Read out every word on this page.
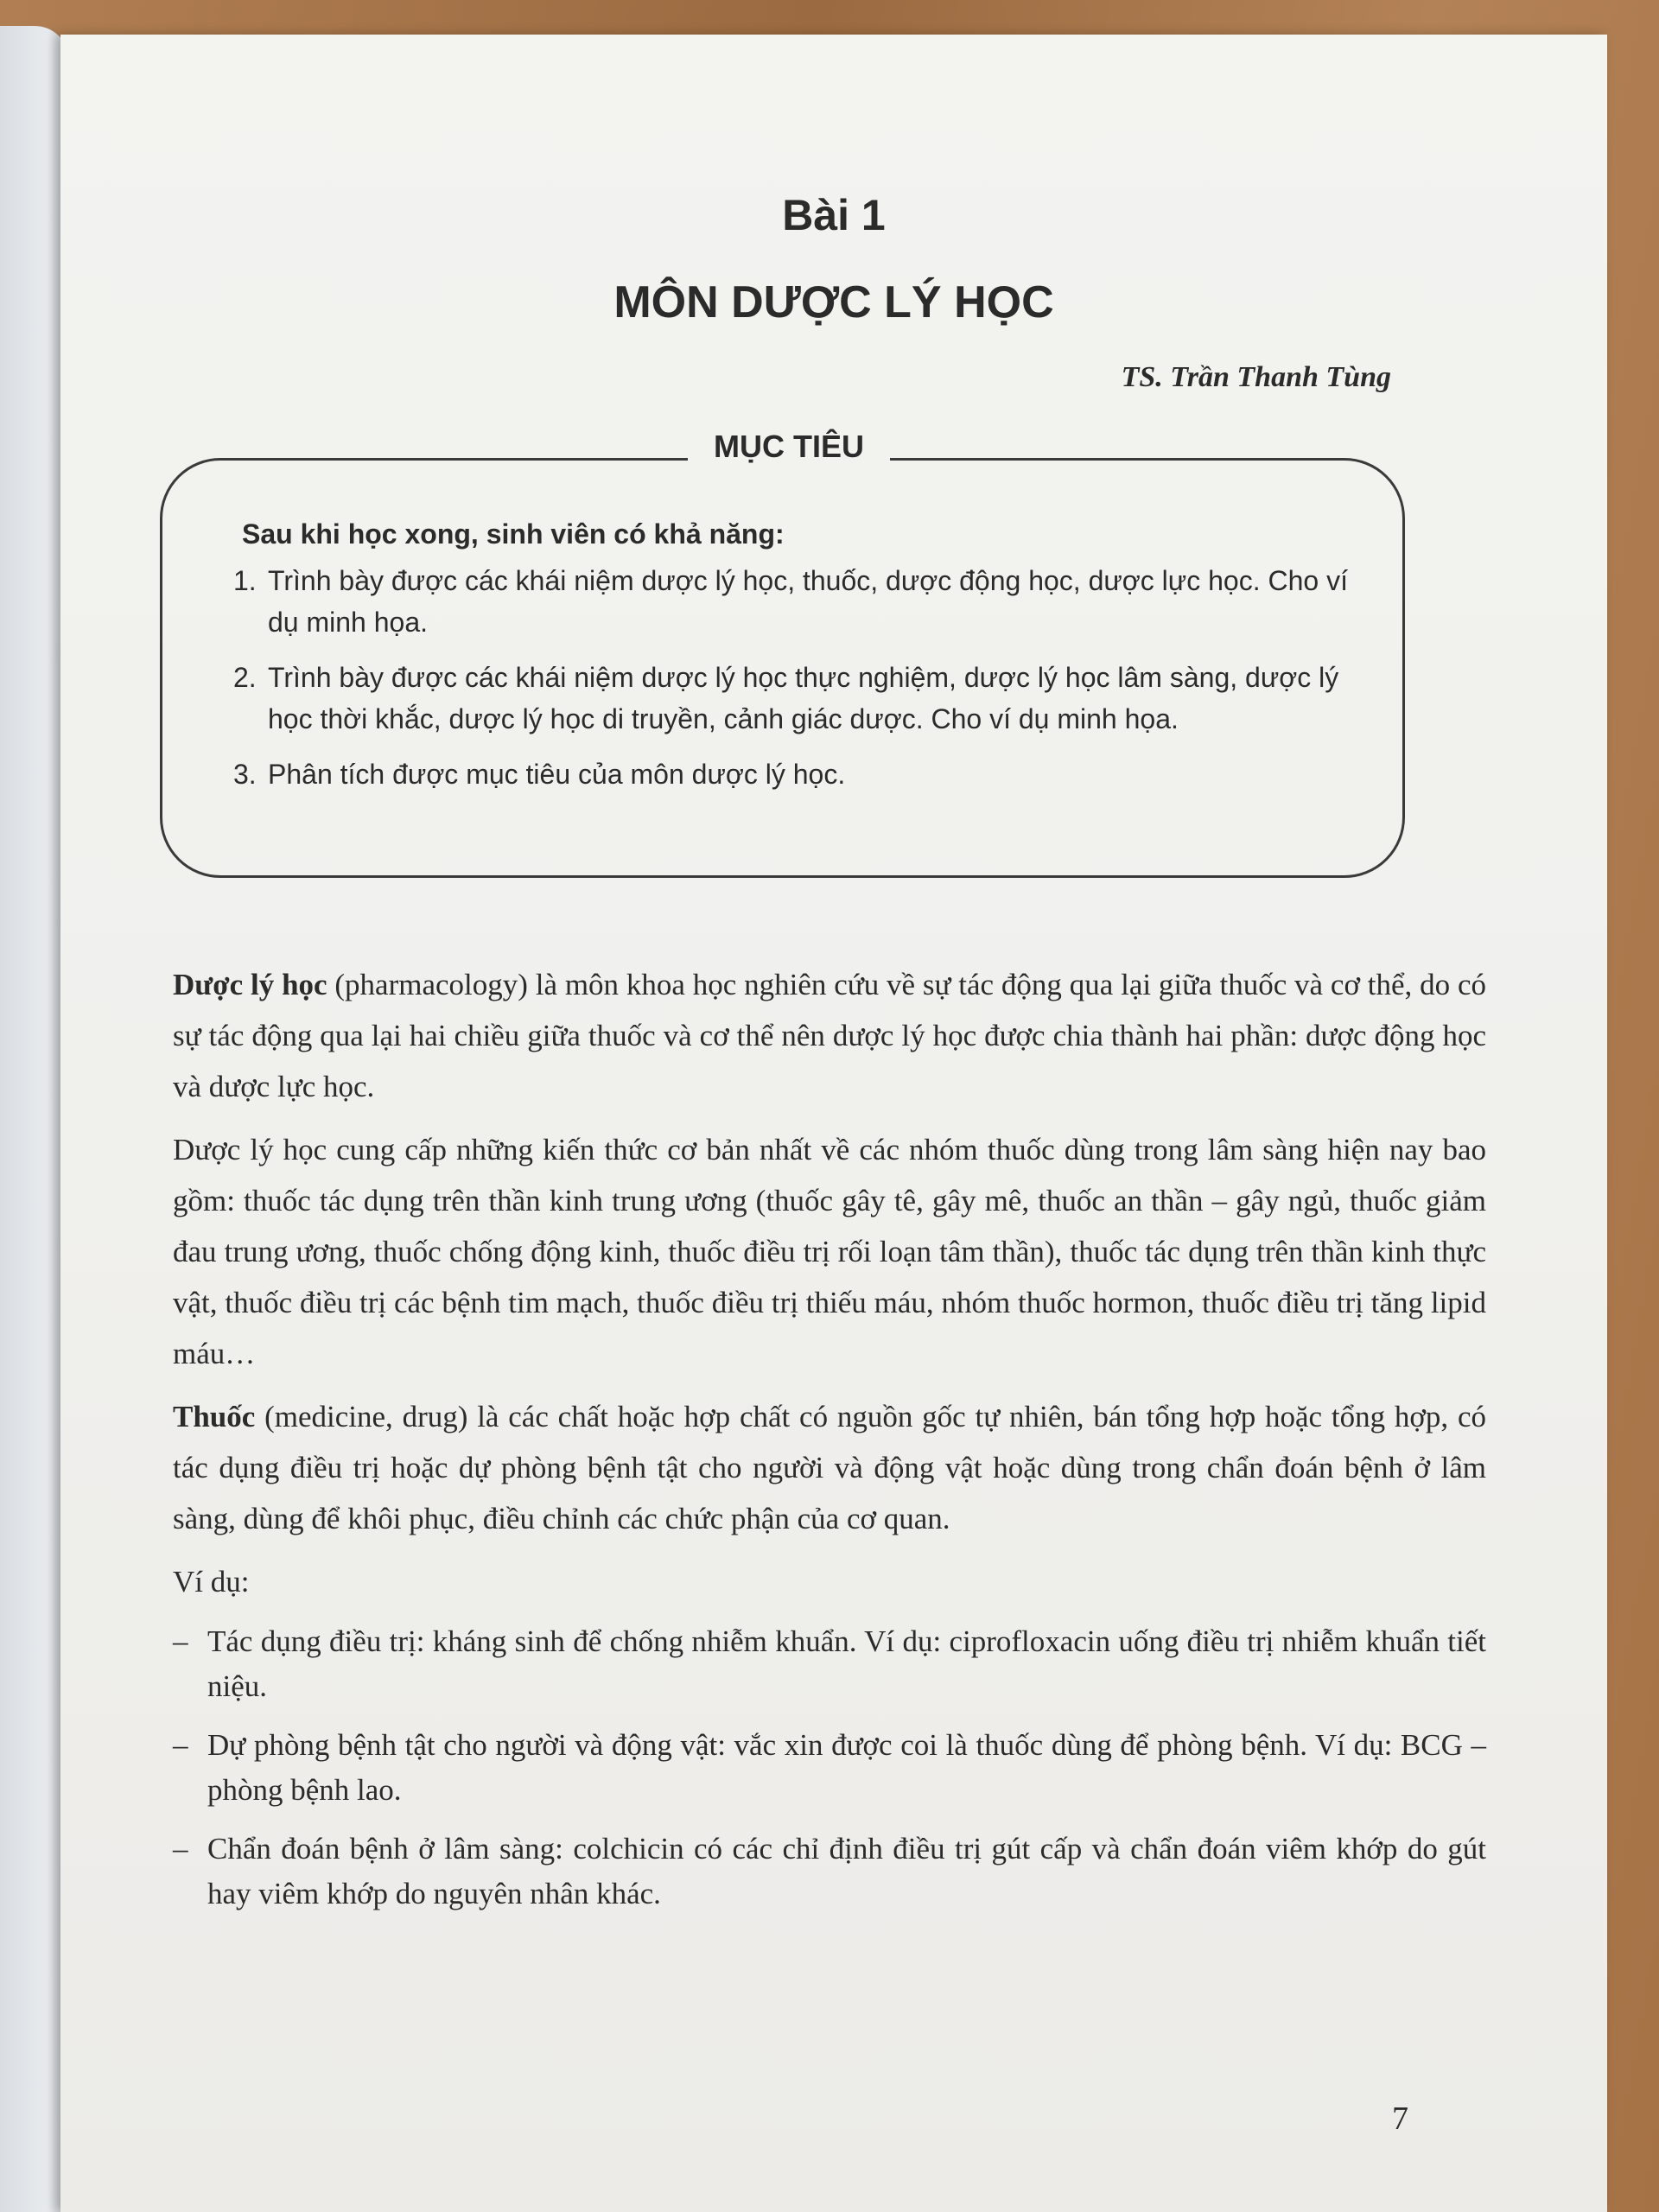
Bài 1
MÔN DƯỢC LÝ HỌC
TS. Trần Thanh Tùng
MỤC TIÊU
Sau khi học xong, sinh viên có khả năng:
1. Trình bày được các khái niệm dược lý học, thuốc, dược động học, dược lực học. Cho ví dụ minh họa.
2. Trình bày được các khái niệm dược lý học thực nghiệm, dược lý học lâm sàng, dược lý học thời khắc, dược lý học di truyền, cảnh giác dược. Cho ví dụ minh họa.
3. Phân tích được mục tiêu của môn dược lý học.

Dược lý học (pharmacology) là môn khoa học nghiên cứu về sự tác động qua lại giữa thuốc và cơ thể, do có sự tác động qua lại hai chiều giữa thuốc và cơ thể nên dược lý học được chia thành hai phần: dược động học và dược lực học.

Dược lý học cung cấp những kiến thức cơ bản nhất về các nhóm thuốc dùng trong lâm sàng hiện nay bao gồm: thuốc tác dụng trên thần kinh trung ương (thuốc gây tê, gây mê, thuốc an thần – gây ngủ, thuốc giảm đau trung ương, thuốc chống động kinh, thuốc điều trị rối loạn tâm thần), thuốc tác dụng trên thần kinh thực vật, thuốc điều trị các bệnh tim mạch, thuốc điều trị thiếu máu, nhóm thuốc hormon, thuốc điều trị tăng lipid máu…

Thuốc (medicine, drug) là các chất hoặc hợp chất có nguồn gốc tự nhiên, bán tổng hợp hoặc tổng hợp, có tác dụng điều trị hoặc dự phòng bệnh tật cho người và động vật hoặc dùng trong chẩn đoán bệnh ở lâm sàng, dùng để khôi phục, điều chỉnh các chức phận của cơ quan.

Ví dụ:

– Tác dụng điều trị: kháng sinh để chống nhiễm khuẩn. Ví dụ: ciprofloxacin uống điều trị nhiễm khuẩn tiết niệu.
– Dự phòng bệnh tật cho người và động vật: vắc xin được coi là thuốc dùng để phòng bệnh. Ví dụ: BCG – phòng bệnh lao.
– Chẩn đoán bệnh ở lâm sàng: colchicin có các chỉ định điều trị gút cấp và chẩn đoán viêm khớp do gút hay viêm khớp do nguyên nhân khác.
7
